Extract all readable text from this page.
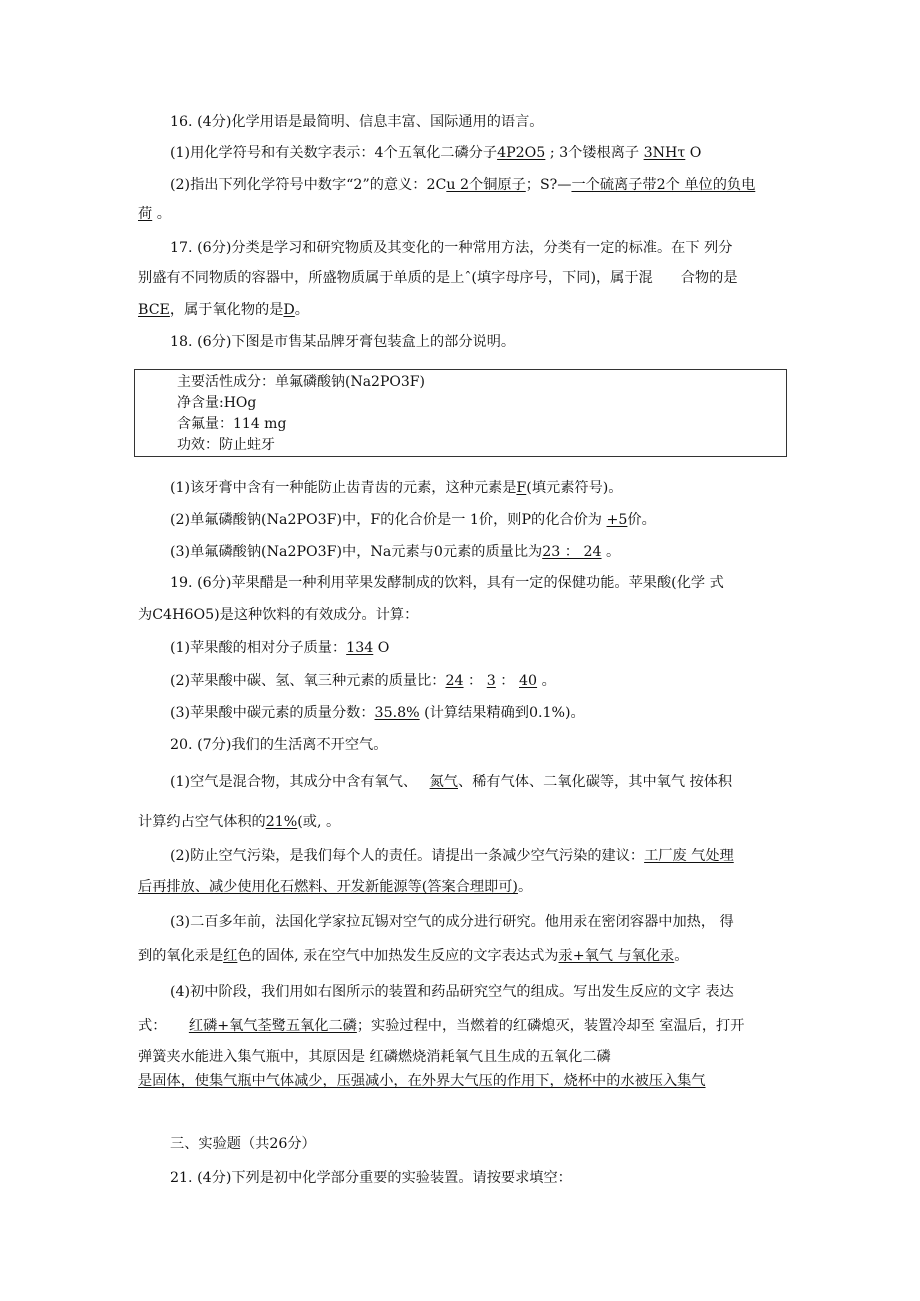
16. (4分)化学用语是最简明、信息丰富、国际通用的语言。
(1)用化学符号和有关数字表示：4个五氧化二磷分子4P2O5 ; 3个镂根离子 3NHτ O
(2)指出下列化学符号中数字“2”的意义：2Cu 2个铜原子；S?—一个硫离子带2个 单位的负电
荷 。
17. (6分)分类是学习和研究物质及其变化的一种常用方法，分类有一定的标准。在下 列分
别盛有不同物质的容器中，所盛物质属于单质的是上ˆ(填字母序号，下同)，属于混 合物的是
BCE，属于氧化物的是D。
18. (6分)下图是市售某品牌牙膏包装盒上的部分说明。
主要活性成分：单氟磷酸钠(Na2PO3F)
净含量:HOg
含氟量：114 mg
功效：防止蛀牙
(1)该牙膏中含有一种能防止齿青齿的元素，这种元素是F(填元素符号)。
(2)单氟磷酸钠(Na2PO3F)中，F的化合价是一 1价，则P的化合价为 +5价。
(3)单氟磷酸钠(Na2PO3F)中，Na元素与0元素的质量比为23 ： 24 。
19. (6分)苹果醋是一种利用苹果发酵制成的饮料，具有一定的保健功能。苹果酸(化学 式
为C4H6O5)是这种饮料的有效成分。计算：
(1)苹果酸的相对分子质量：134 O
(2)苹果酸中碳、氢、氧三种元素的质量比：24 ： 3 ： 40 。
(3)苹果酸中碳元素的质量分数：35.8% (计算结果精确到0.1%)。
20. (7分)我们的生活离不开空气。
(1)空气是混合物，其成分中含有氧气、 氮气、稀有气体、二氧化碳等，其中氧气 按体积
计算约占空气体积的21%(或, 。
(2)防止空气污染，是我们每个人的责任。请提出一条减少空气污染的建议：工厂废 气处理
后再排放、减少使用化石燃料、开发新能源等(答案合理即可)。
(3)二百多年前，法国化学家拉瓦锡对空气的成分进行研究。他用汞在密闭容器中加热， 得
到的氧化汞是红色的固体, 汞在空气中加热发生反应的文字表达式为汞+氧气 与氧化汞。
(4)初中阶段，我们用如右图所示的装置和药品研究空气的组成。写出发生反应的文字 表达
式： 红磷+氧气荃鹭五氧化二磷；实验过程中，当燃着的红磷熄灭，装置冷却至 室温后，打开
弹簧夹水能进入集气瓶中，其原因是 红磷燃烧消耗氧气且生成的五氧化二磷
是固体，使集气瓶中气体减少，压强减小，在外界大气压的作用下，烧杯中的水被压入集气
三、实验题（共26分）
21. (4分)下列是初中化学部分重要的实验装置。请按要求填空：
